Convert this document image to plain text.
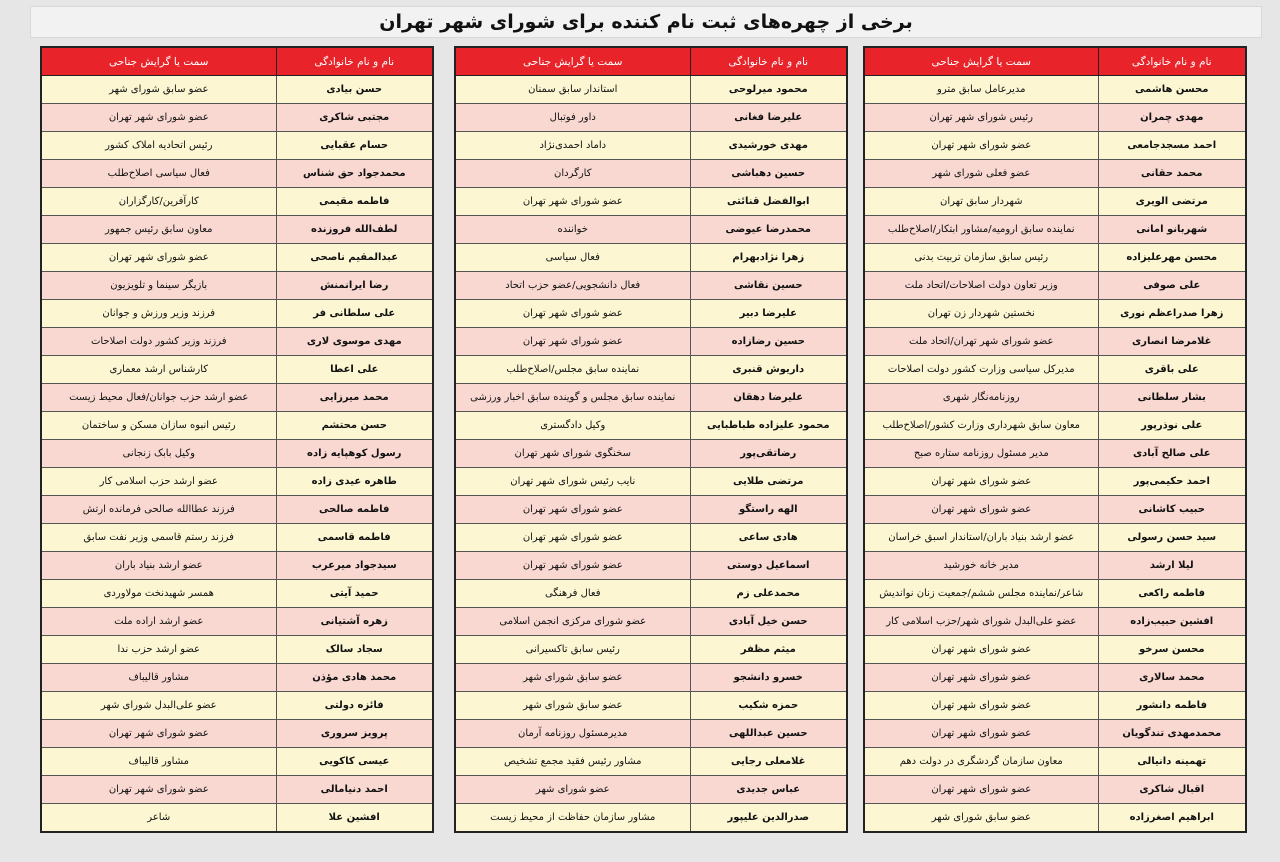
برخی از چهره‌های ثبت نام کننده برای شورای شهر تهران
نام و نام خانوادگی	سمت یا گرایش جناحی
محسن هاشمی	مدیرعامل سابق مترو
مهدی چمران	رئیس شورای شهر تهران
احمد مسجدجامعی	عضو شورای شهر تهران
محمد حقانی	عضو فعلی شورای شهر
مرتضی الویری	شهردار سابق تهران
شهربانو امانی	نماینده سابق ارومیه/مشاور ابتکار/اصلاح‌طلب
محسن مهرعلیزاده	رئیس سابق سازمان تربیت بدنی
علی صوفی	وزیر تعاون دولت اصلاحات/اتحاد ملت
زهرا صدراعظم نوری	نخستین شهردار زن تهران
غلامرضا انصاری	عضو شورای شهر تهران/اتحاد ملت
علی باقری	مدیرکل سیاسی وزارت کشور دولت اصلاحات
بشار سلطانی	روزنامه‌نگار شهری
علی نوذرپور	معاون سابق شهرداری وزارت کشور/اصلاح‌طلب
علی صالح آبادی	مدیر مسئول روزنامه ستاره صبح
احمد حکیمی‌پور	عضو شورای شهر تهران
حبیب کاشانی	عضو شورای شهر تهران
سید حسن رسولی	عضو ارشد بنیاد باران/استاندار اسبق خراسان
لیلا ارشد	مدیر خانه خورشید
فاطمه راکعی	شاعر/نماینده مجلس ششم/جمعیت زنان نواندیش
افشین حبیب‌زاده	عضو علی‌البدل شورای شهر/حزب اسلامی کار
محسن سرخو	عضو شورای شهر تهران
محمد سالاری	عضو شورای شهر تهران
فاطمه دانشور	عضو شورای شهر تهران
محمدمهدی تندگویان	عضو شورای شهر تهران
تهمینه دانیالی	معاون سازمان گردشگری در دولت دهم
اقبال شاکری	عضو شورای شهر تهران
ابراهیم اصغرزاده	عضو سابق شورای شهر
نام و نام خانوادگی	سمت یا گرایش جناحی
محمود میرلوحی	استاندار سابق سمنان
علیرضا فغانی	داور فوتبال
مهدی خورشیدی	داماد احمدی‌نژاد
حسین دهباشی	کارگردان
ابوالفضل قنائتی	عضو شورای شهر تهران
محمدرضا عیوضی	خواننده
زهرا نژادبهرام	فعال سیاسی
حسین نقاشی	فعال دانشجویی/عضو حزب اتحاد
علیرضا دبیر	عضو شورای شهر تهران
حسین رضازاده	عضو شورای شهر تهران
داریوش قنبری	نماینده سابق مجلس/اصلاح‌طلب
علیرضا دهقان	نماینده سابق مجلس و گوینده سابق اخبار ورزشی
محمود علیزاده طباطبایی	وکیل دادگستری
رضاتقی‌پور	سخنگوی شورای شهر تهران
مرتضی طلایی	نایب رئیس شورای شهر تهران
الهه راستگو	عضو شورای شهر تهران
هادی ساعی	عضو شورای شهر تهران
اسماعیل دوستی	عضو شورای شهر تهران
محمدعلی زم	فعال فرهنگی
حسن خیل آبادی	عضو شورای مرکزی انجمن اسلامی
میثم مظفر	رئیس سابق تاکسیرانی
خسرو دانشجو	عضو سابق شورای شهر
حمزه شکیب	عضو سابق شورای شهر
حسین عبداللهی	مدیرمسئول روزنامه آرمان
غلامعلی رجایی	مشاور رئیس فقید مجمع تشخیص
عباس جدیدی	عضو شورای شهر
صدرالدین علیپور	مشاور سازمان حفاظت از محیط زیست
نام و نام خانوادگی	سمت یا گرایش جناحی
حسن بیادی	عضو سابق شورای شهر
مجتبی شاکری	عضو شورای شهر تهران
حسام عقبایی	رئیس اتحادیه املاک کشور
محمدجواد حق شناس	فعال سیاسی اصلاح‌طلب
فاطمه مقیمی	کارآفرین/کارگزاران
لطف‌الله فروزنده	معاون سابق رئیس جمهور
عبدالمقیم ناصحی	عضو شورای شهر تهران
رضا ایرانمنش	بازیگر سینما و تلویزیون
علی سلطانی فر	فرزند وزیر ورزش و جوانان
مهدی موسوی لاری	فرزند وزیر کشور دولت اصلاحات
علی اعطا	کارشناس ارشد معماری
محمد میرزایی	عضو ارشد حزب جوانان/فعال محیط زیست
حسن محتشم	رئیس انبوه سازان مسکن و ساختمان
رسول کوهپایه زاده	وکیل بابک زنجانی
طاهره عیدی زاده	عضو ارشد حزب اسلامی کار
فاطمه صالحی	فرزند عطاالله صالحی فرمانده ارتش
فاطمه قاسمی	فرزند رستم قاسمی وزیر نفت سابق
سیدجواد میرعرب	عضو ارشد بنیاد باران
حمید آیتی	همسر شهیدنخت مولاوردی
زهره آشتیانی	عضو ارشد اراده ملت
سجاد سالک	عضو ارشد حزب ندا
محمد هادی مؤذن	مشاور قالیباف
فائزه دولتی	عضو علی‌البدل شورای شهر
پرویز سروری	عضو شورای شهر تهران
عیسی کاکویی	مشاور قالیباف
احمد دنیامالی	عضو شورای شهر تهران
افشین علا	شاعر
